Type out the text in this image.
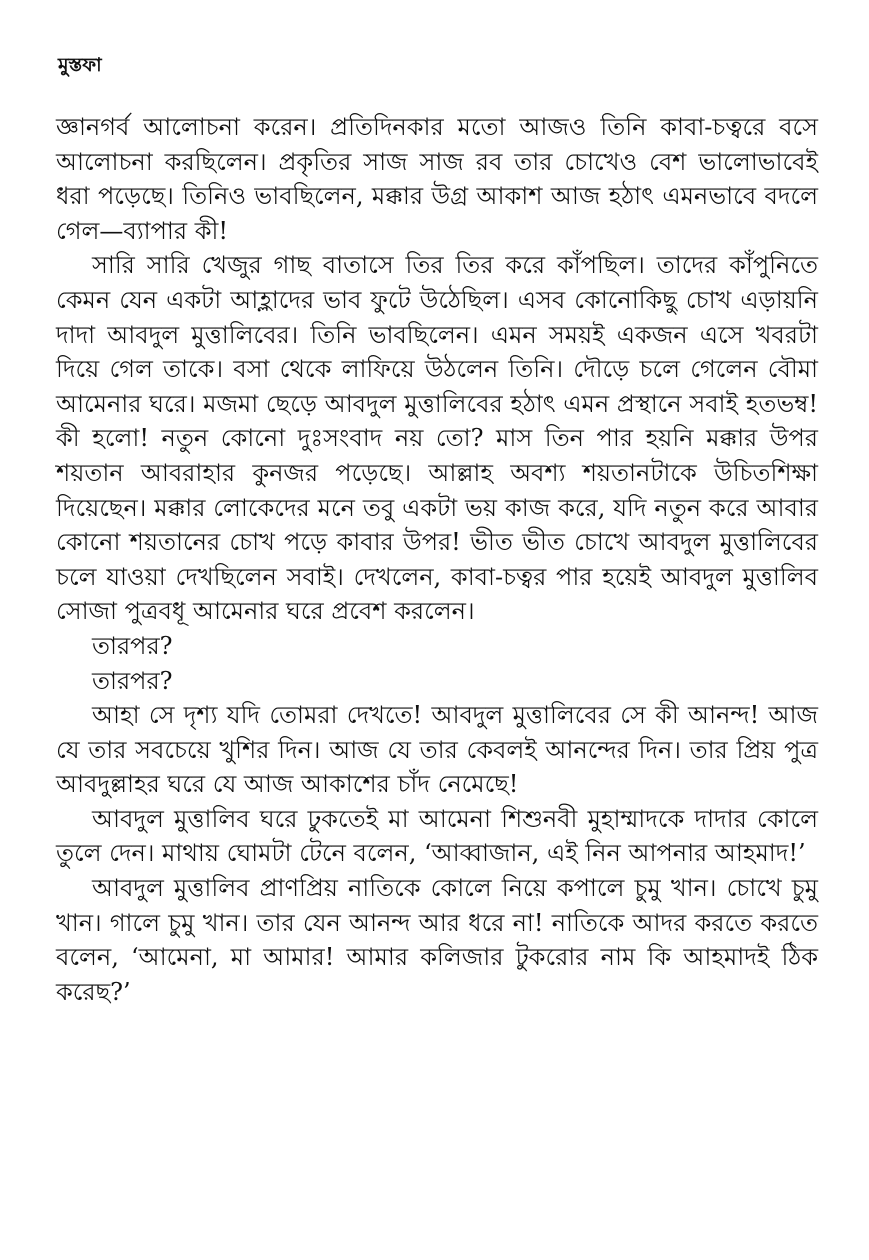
মুস্তফা

জ্ঞানগর্ব আলোচনা করেন। প্রতিদিনকার মতো আজও তিনি কাবা-চত্বরে বসে আলোচনা করছিলেন। প্রকৃতির সাজ সাজ রব তার চোখেও বেশ ভালোভাবেই ধরা পড়েছে। তিনিও ভাবছিলেন, মক্কার উগ্র আকাশ আজ হঠাৎ এমনভাবে বদলে গেল—ব্যাপার কী!

সারি সারি খেজুর গাছ বাতাসে তির তির করে কাঁপছিল। তাদের কাঁপুনিতে কেমন যেন একটা আহ্লাদের ভাব ফুটে উঠেছিল। এসব কোনোকিছু চোখ এড়ায়নি দাদা আবদুল মুত্তালিবের। তিনি ভাবছিলেন। এমন সময়ই একজন এসে খবরটা দিয়ে গেল তাকে। বসা থেকে লাফিয়ে উঠলেন তিনি। দৌড়ে চলে গেলেন বৌমা আমেনার ঘরে। মজমা ছেড়ে আবদুল মুত্তালিবের হঠাৎ এমন প্রস্থানে সবাই হতভম্ব! কী হলো! নতুন কোনো দুঃসংবাদ নয় তো? মাস তিন পার হয়নি মক্কার উপর শয়তান আবরাহার কুনজর পড়েছে। আল্লাহ অবশ্য শয়তানটাকে উচিতশিক্ষা দিয়েছেন। মক্কার লোকেদের মনে তবু একটা ভয় কাজ করে, যদি নতুন করে আবার কোনো শয়তানের চোখ পড়ে কাবার উপর! ভীত ভীত চোখে আবদুল মুত্তালিবের চলে যাওয়া দেখছিলেন সবাই। দেখলেন, কাবা-চত্বর পার হয়েই আবদুল মুত্তালিব সোজা পুত্রবধূ আমেনার ঘরে প্রবেশ করলেন।

তারপর?

তারপর?

আহা সে দৃশ্য যদি তোমরা দেখতে! আবদুল মুত্তালিবের সে কী আনন্দ! আজ যে তার সবচেয়ে খুশির দিন। আজ যে তার কেবলই আনন্দের দিন। তার প্রিয় পুত্র আবদুল্লাহর ঘরে যে আজ আকাশের চাঁদ নেমেছে!

আবদুল মুত্তালিব ঘরে ঢুকতেই মা আমেনা শিশুনবী মুহাম্মাদকে দাদার কোলে তুলে দেন। মাথায় ঘোমটা টেনে বলেন, ‘আব্বাজান, এই নিন আপনার আহমাদ!’

আবদুল মুত্তালিব প্রাণপ্রিয় নাতিকে কোলে নিয়ে কপালে চুমু খান। চোখে চুমু খান। গালে চুমু খান। তার যেন আনন্দ আর ধরে না! নাতিকে আদর করতে করতে বলেন, ‘আমেনা, মা আমার! আমার কলিজার টুকরোর নাম কি আহমাদই ঠিক করেছ?’
